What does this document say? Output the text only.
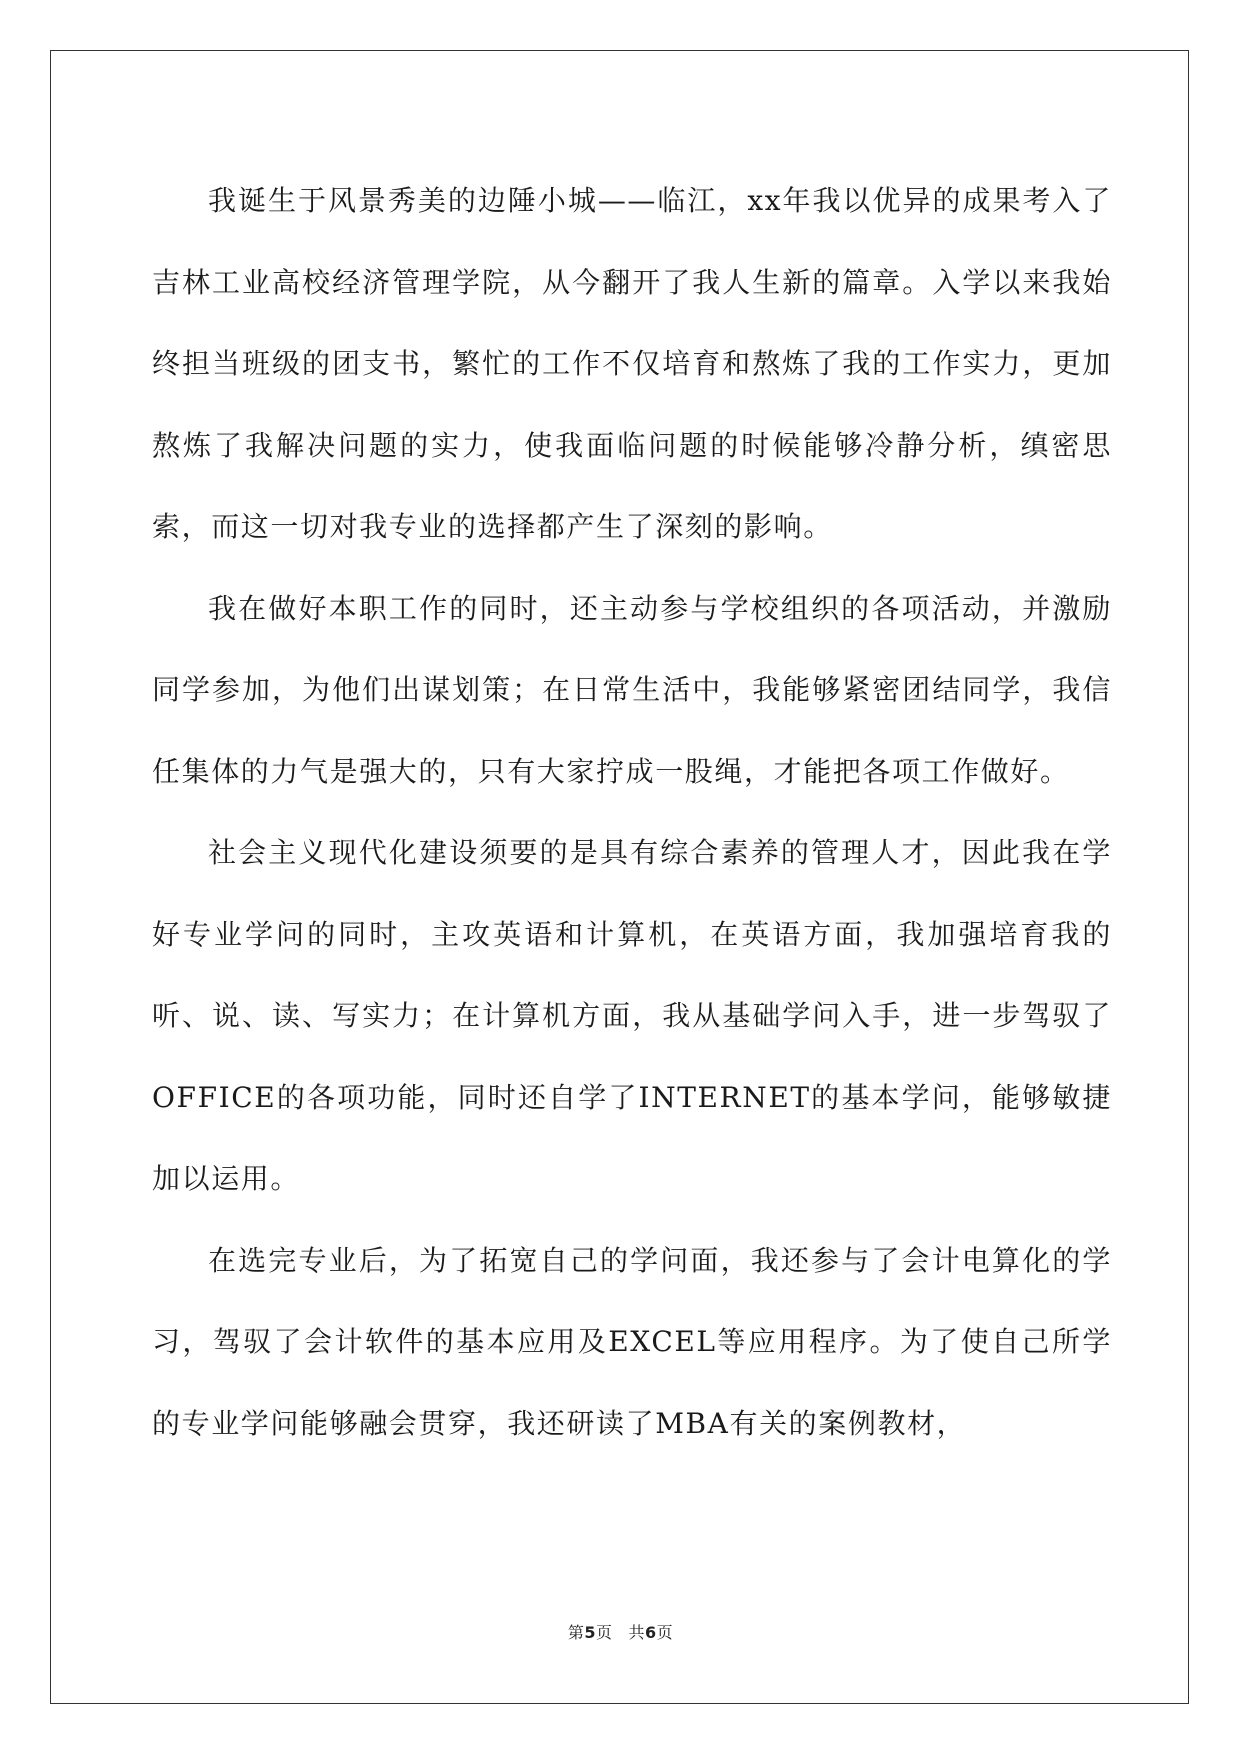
我诞生于风景秀美的边陲小城——临江，xx年我以优异的成果考入了吉林工业高校经济管理学院，从今翻开了我人生新的篇章。入学以来我始终担当班级的团支书，繁忙的工作不仅培育和熬炼了我的工作实力，更加熬炼了我解决问题的实力，使我面临问题的时候能够冷静分析，缜密思索，而这一切对我专业的选择都产生了深刻的影响。

我在做好本职工作的同时，还主动参与学校组织的各项活动，并激励同学参加，为他们出谋划策；在日常生活中，我能够紧密团结同学，我信任集体的力气是强大的，只有大家拧成一股绳，才能把各项工作做好。

社会主义现代化建设须要的是具有综合素养的管理人才，因此我在学好专业学问的同时，主攻英语和计算机，在英语方面，我加强培育我的听、说、读、写实力；在计算机方面，我从基础学问入手，进一步驾驭了OFFICE的各项功能，同时还自学了INTERNET的基本学问，能够敏捷加以运用。

在选完专业后，为了拓宽自己的学问面，我还参与了会计电算化的学习，驾驭了会计软件的基本应用及EXCEL等应用程序。为了使自己所学的专业学问能够融会贯穿，我还研读了MBA有关的案例教材，

第5页 共6页
